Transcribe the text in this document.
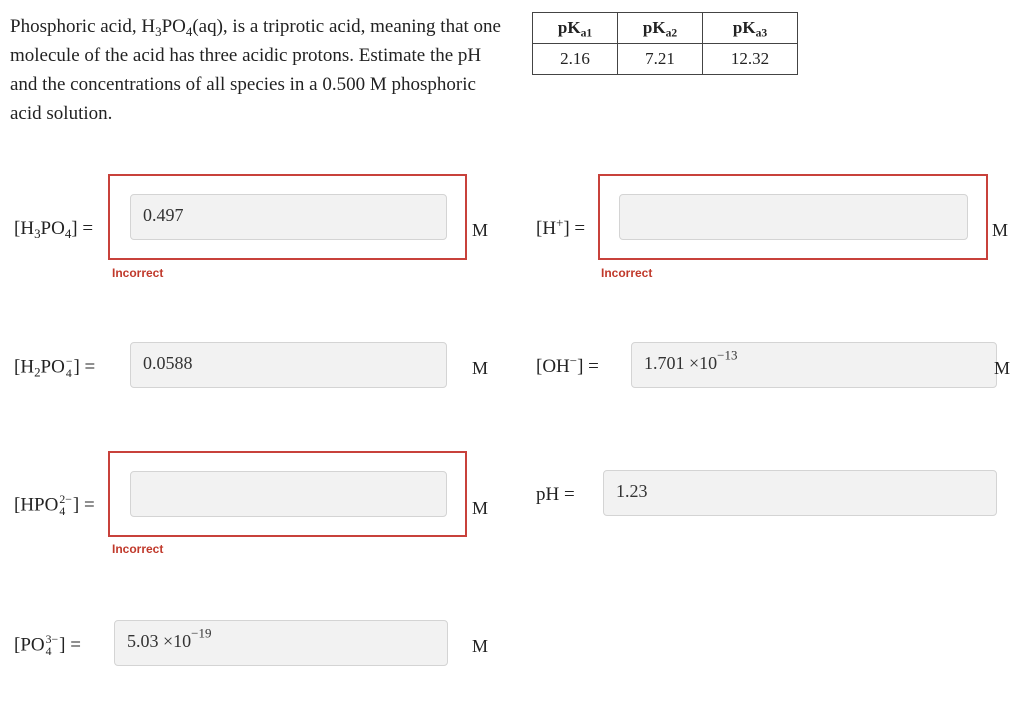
Phosphoric acid, $H_3PO_4(aq)$, is a triprotic acid, meaning that one molecule of the acid has three acidic protons. Estimate the pH and the concentrations of all species in a 0.500 M phosphoric acid solution.
$pK_{a1}$	$pK_{a2}$	$pK_{a3}$
2.16	7.21	12.32
$[H_3PO_4]$ =
0.497
M
Incorrect
[H+] =	M
Incorrect
[$H_2PO$ −
4 ] =	0.0588	M	[OH−] =	$1.701 \times 10^{-13}$
M
[HPO 2−
4 ] =	M
Incorrect
pH =	1.23
[PO 3−
4 ] =	$5.03 \times 10^{-19}$
M
